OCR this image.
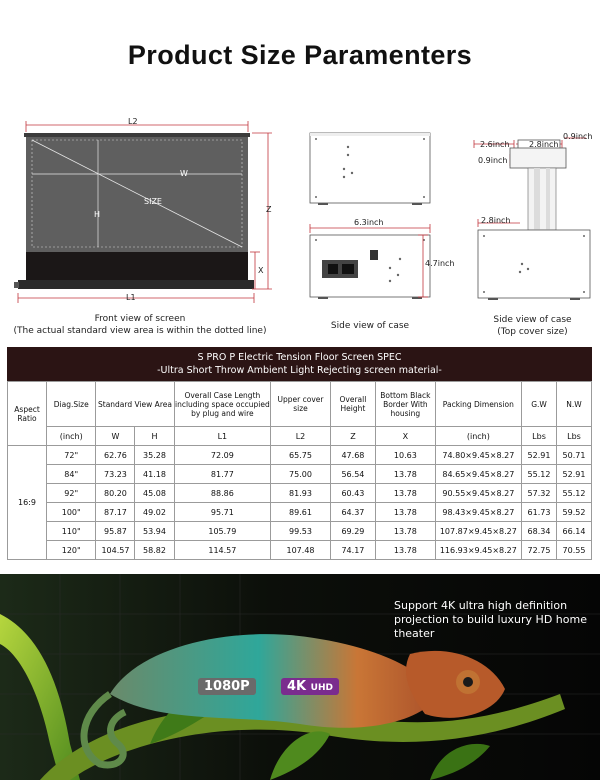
Product Size Paramenters
L2
W
H
SIZE
Z
X
L1
Front view of screen
(The actual standard view area is within the dotted line)
6.3inch
4.7inch
Side view of case
2.6inch 2.8inch
0.9inch
0.9inch
2.8inch
Side view of case
(Top cover size)
S PRO P Electric Tension Floor Screen SPEC
-Ultra Short Throw Ambient Light Rejecting screen material-
Aspect Ratio	Diag.Size	Standard View Area		Overall Case Length including space occupied by plug and wire	Upper cover size	Overall Height	Bottom Black Border With housing	Packing Dimension	G.W	N.W
	(inch)	W	H	L1	L2	Z	X	(inch)	Lbs	Lbs
16:9	72"	62.76	35.28	72.09	65.75	47.68	10.63	74.80×9.45×8.27	52.91	50.71
	84"	73.23	41.18	81.77	75.00	56.54	13.78	84.65×9.45×8.27	55.12	52.91
	92"	80.20	45.08	88.86	81.93	60.43	13.78	90.55×9.45×8.27	57.32	55.12
	100"	87.17	49.02	95.71	89.61	64.37	13.78	98.43×9.45×8.27	61.73	59.52
	110"	95.87	53.94	105.79	99.53	69.29	13.78	107.87×9.45×8.27	68.34	66.14
	120"	104.57	58.82	114.57	107.48	74.17	13.78	116.93×9.45×8.27	72.75	70.55
Support 4K ultra high definition projection to build luxury HD home theater
1080P	4K UHD
